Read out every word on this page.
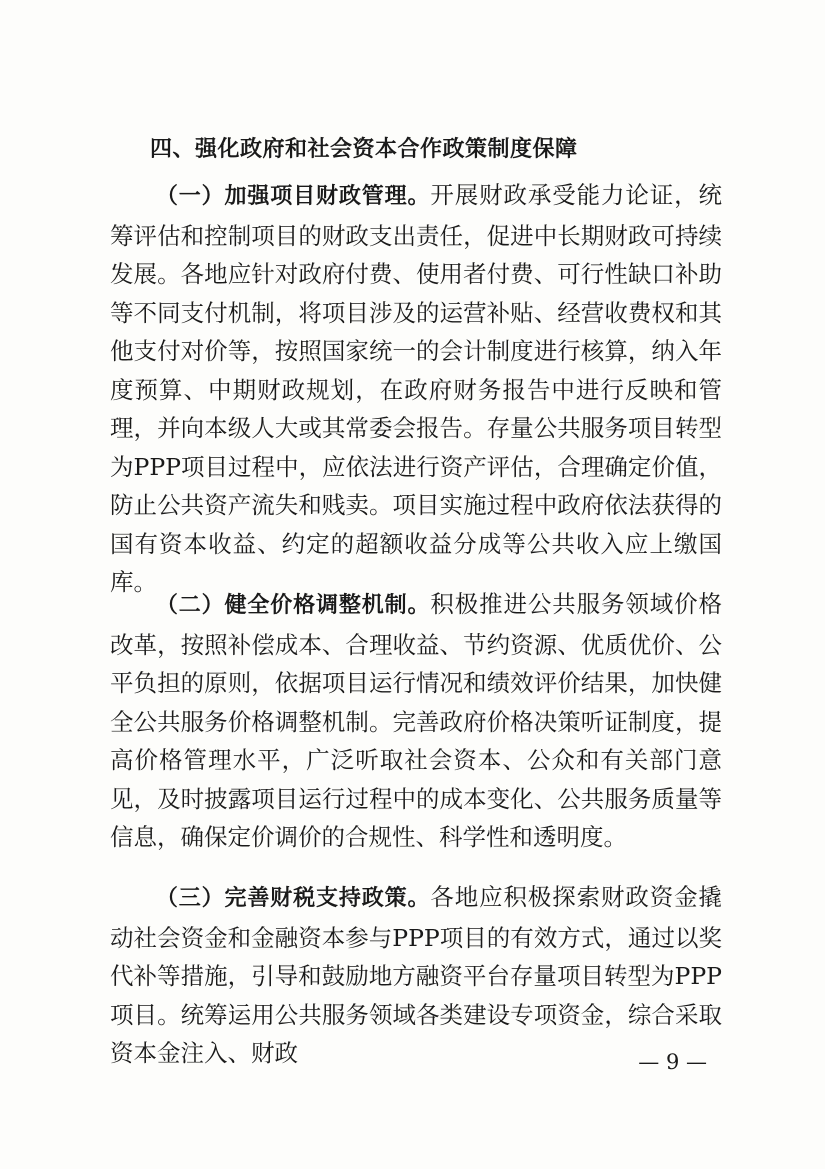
四、强化政府和社会资本合作政策制度保障

（一）加强项目财政管理。开展财政承受能力论证，统筹评估和控制项目的财政支出责任，促进中长期财政可持续发展。各地应针对政府付费、使用者付费、可行性缺口补助等不同支付机制，将项目涉及的运营补贴、经营收费权和其他支付对价等，按照国家统一的会计制度进行核算，纳入年度预算、中期财政规划，在政府财务报告中进行反映和管理，并向本级人大或其常委会报告。存量公共服务项目转型为PPP项目过程中，应依法进行资产评估，合理确定价值，防止公共资产流失和贱卖。项目实施过程中政府依法获得的国有资本收益、约定的超额收益分成等公共收入应上缴国库。

（二）健全价格调整机制。积极推进公共服务领域价格改革，按照补偿成本、合理收益、节约资源、优质优价、公平负担的原则，依据项目运行情况和绩效评价结果，加快健全公共服务价格调整机制。完善政府价格决策听证制度，提高价格管理水平，广泛听取社会资本、公众和有关部门意见，及时披露项目运行过程中的成本变化、公共服务质量等信息，确保定价调价的合规性、科学性和透明度。

（三）完善财税支持政策。各地应积极探索财政资金撬动社会资金和金融资本参与PPP项目的有效方式，通过以奖代补等措施，引导和鼓励地方融资平台存量项目转型为PPP项目。统筹运用公共服务领域各类建设专项资金，综合采取资本金注入、财政	— 9 —
